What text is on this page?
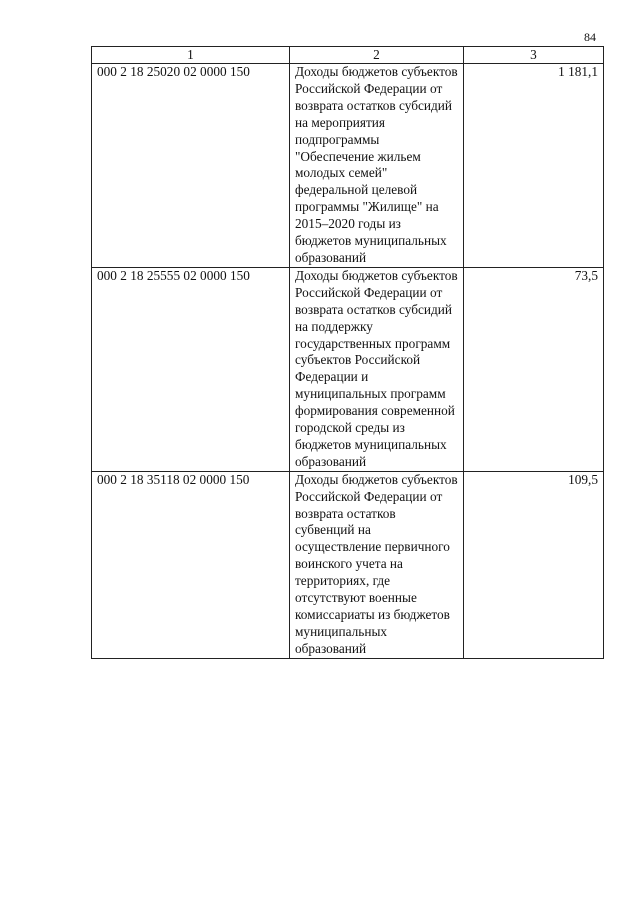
84
1	2	3
000 2 18 25020 02 0000 150	Доходы бюджетов субъектов Российской Федерации от возврата остатков субсидий на мероприятия подпрограммы "Обеспечение жильем молодых семей" федеральной целевой программы "Жилище" на 2015–2020 годы из бюджетов муниципальных образований	1 181,1
000 2 18 25555 02 0000 150	Доходы бюджетов субъектов Российской Федерации от возврата остатков субсидий на поддержку государственных программ субъектов Российской Федерации и муниципальных программ формирования современной городской среды из бюджетов муниципальных образований	73,5
000 2 18 35118 02 0000 150	Доходы бюджетов субъектов Российской Федерации от возврата остатков субвенций на осуществление первичного воинского учета на территориях, где отсутствуют военные комиссариаты из бюджетов муниципальных образований	109,5
